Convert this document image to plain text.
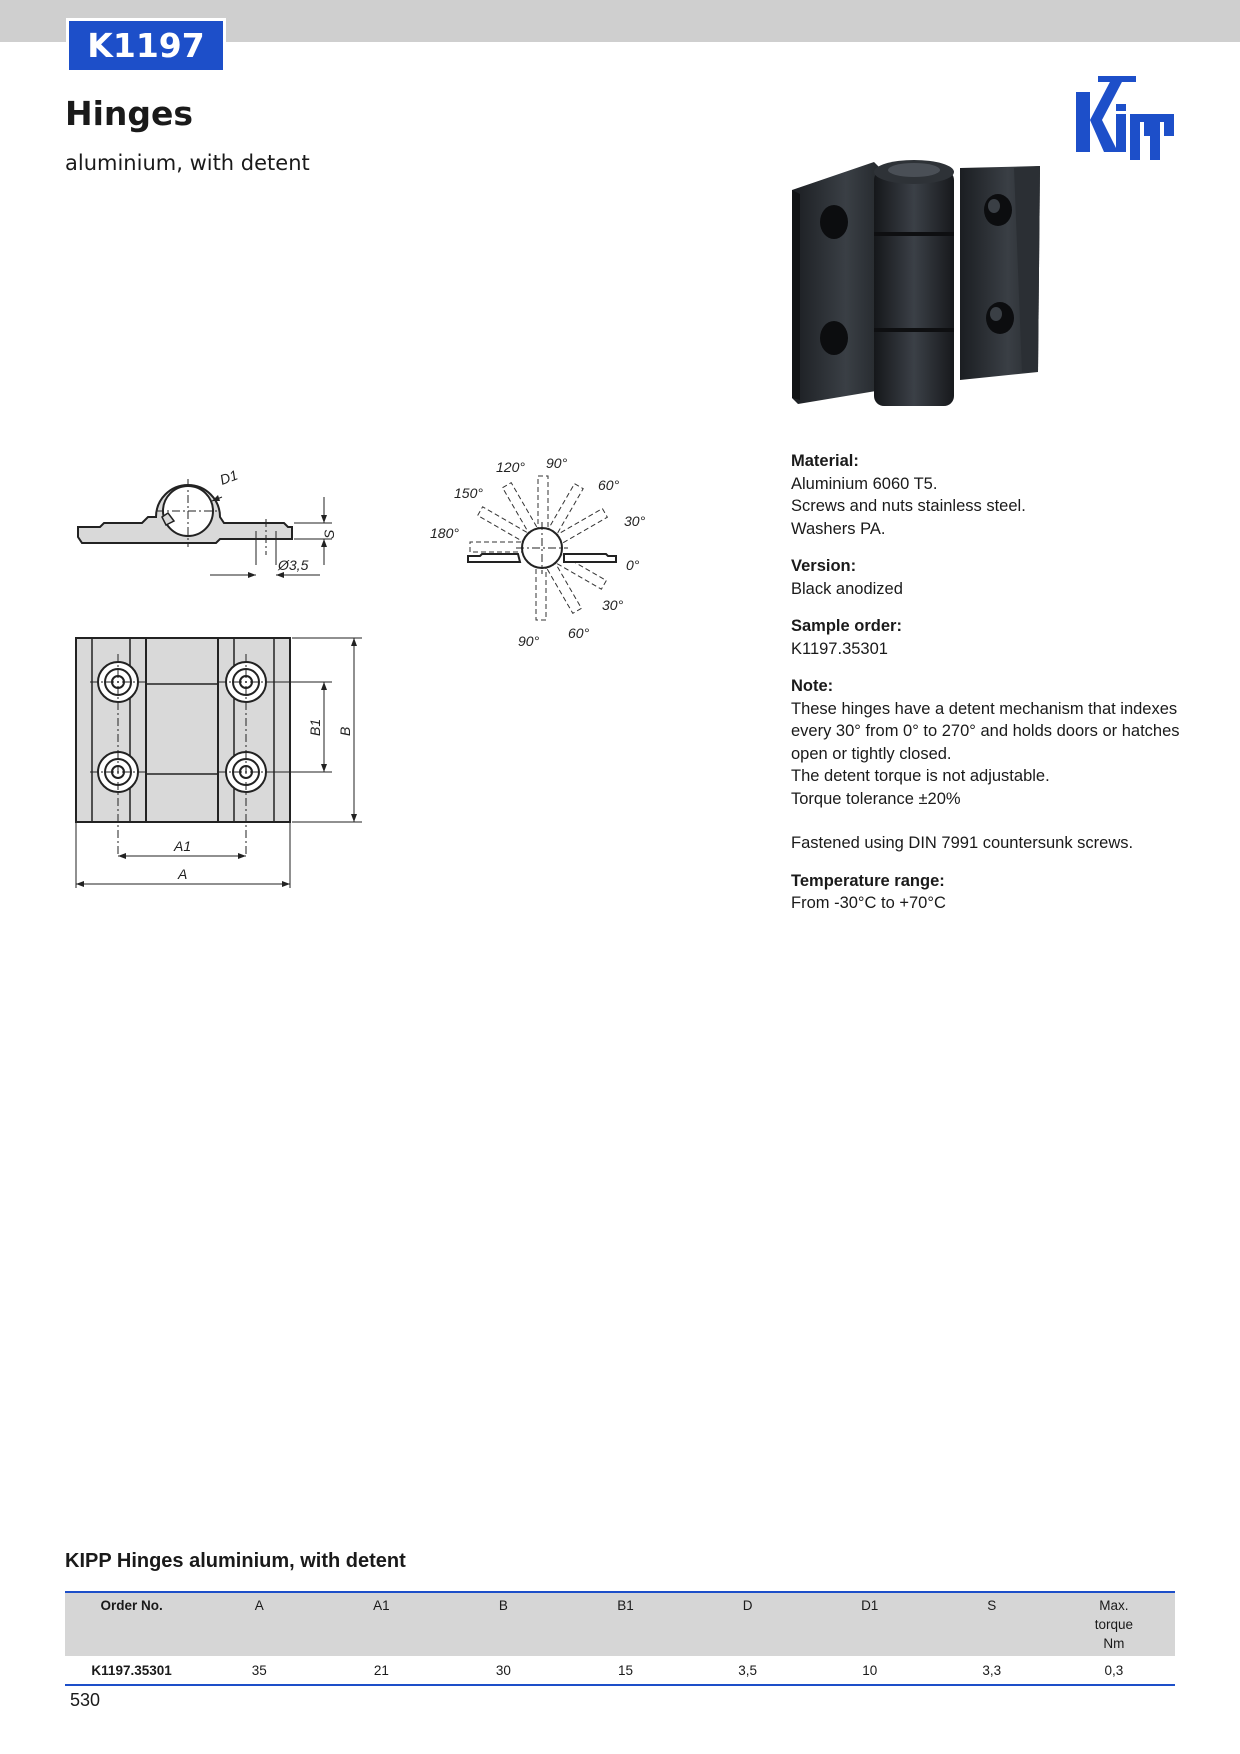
K1197
Hinges
aluminium, with detent
D1
S
Ø3,5
120° 90°
60°
150°
30°
180°
0°
30°
60°
90°
B1 B
A1
A
Material:
Aluminium 6060 T5.
Screws and nuts stainless steel.
Washers PA.
Version:
Black anodized
Sample order:
K1197.35301
Note:
These hinges have a detent mechanism that indexes
every 30° from 0° to 270° and holds doors or hatches
open or tightly closed.
The detent torque is not adjustable.
Torque tolerance ±20%
Fastened using DIN 7991 countersunk screws.
Temperature range:
From -30°C to +70°C
KIPP Hinges aluminium, with detent
Order No.	A	A1	B	B1	D	D1	S	Max.
torque
Nm

K1197.35301	35	21	30	15	3,5	10	3,3	0,3
530
